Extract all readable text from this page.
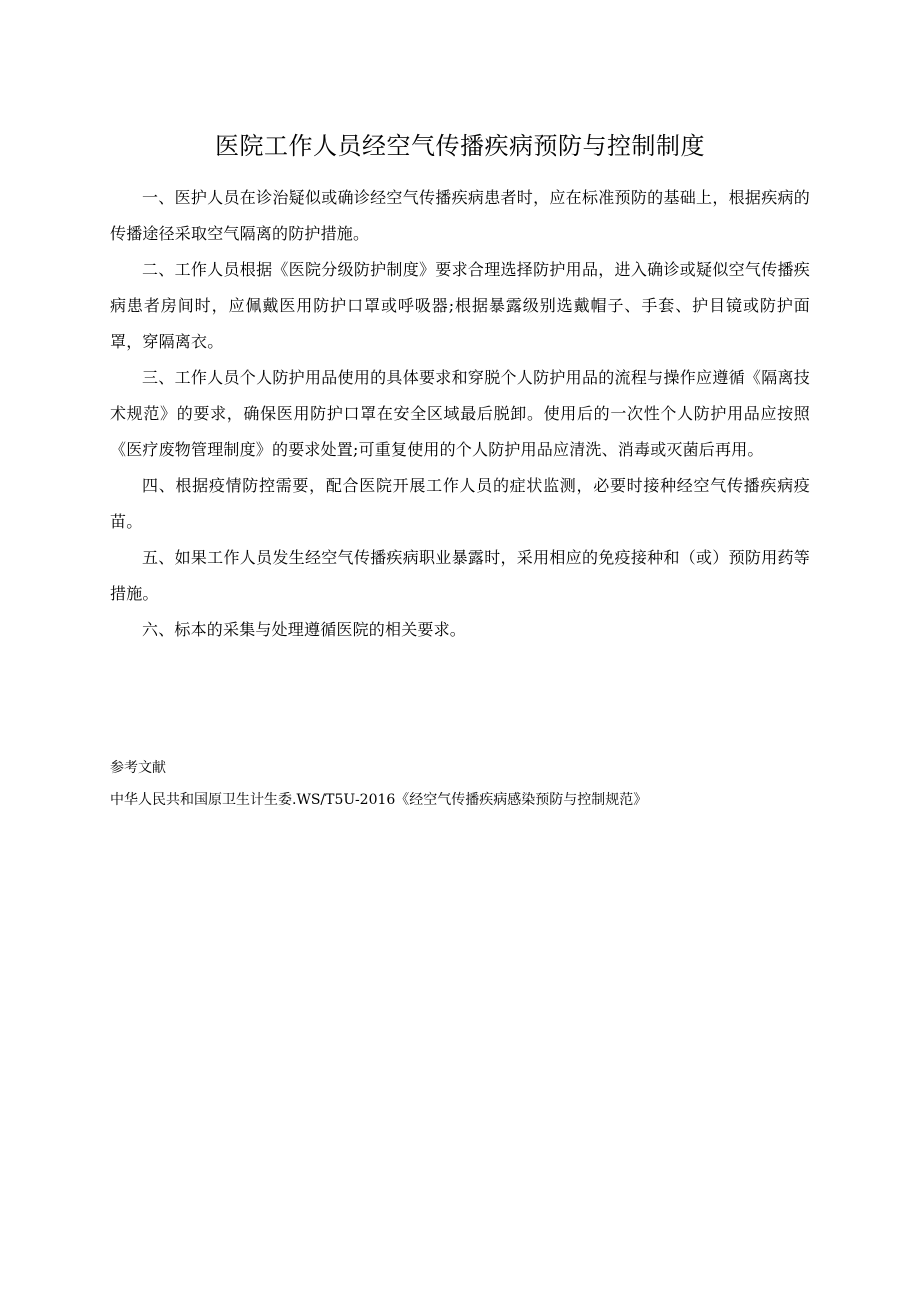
医院工作人员经空气传播疾病预防与控制制度

一、医护人员在诊治疑似或确诊经空气传播疾病患者时，应在标准预防的基础上，根据疾病的传播途径采取空气隔离的防护措施。

二、工作人员根据《医院分级防护制度》要求合理选择防护用品，进入确诊或疑似空气传播疾病患者房间时，应佩戴医用防护口罩或呼吸器;根据暴露级别选戴帽子、手套、护目镜或防护面罩，穿隔离衣。

三、工作人员个人防护用品使用的具体要求和穿脱个人防护用品的流程与操作应遵循《隔离技术规范》的要求，确保医用防护口罩在安全区域最后脱卸。使用后的一次性个人防护用品应按照《医疗废物管理制度》的要求处置;可重复使用的个人防护用品应清洗、消毒或灭菌后再用。

四、根据疫情防控需要，配合医院开展工作人员的症状监测，必要时接种经空气传播疾病疫苗。

五、如果工作人员发生经空气传播疾病职业暴露时，采用相应的免疫接种和（或）预防用药等措施。

六、标本的采集与处理遵循医院的相关要求。

参考文献

中华人民共和国原卫生计生委.WS/T5U-2016《经空气传播疾病感染预防与控制规范》
